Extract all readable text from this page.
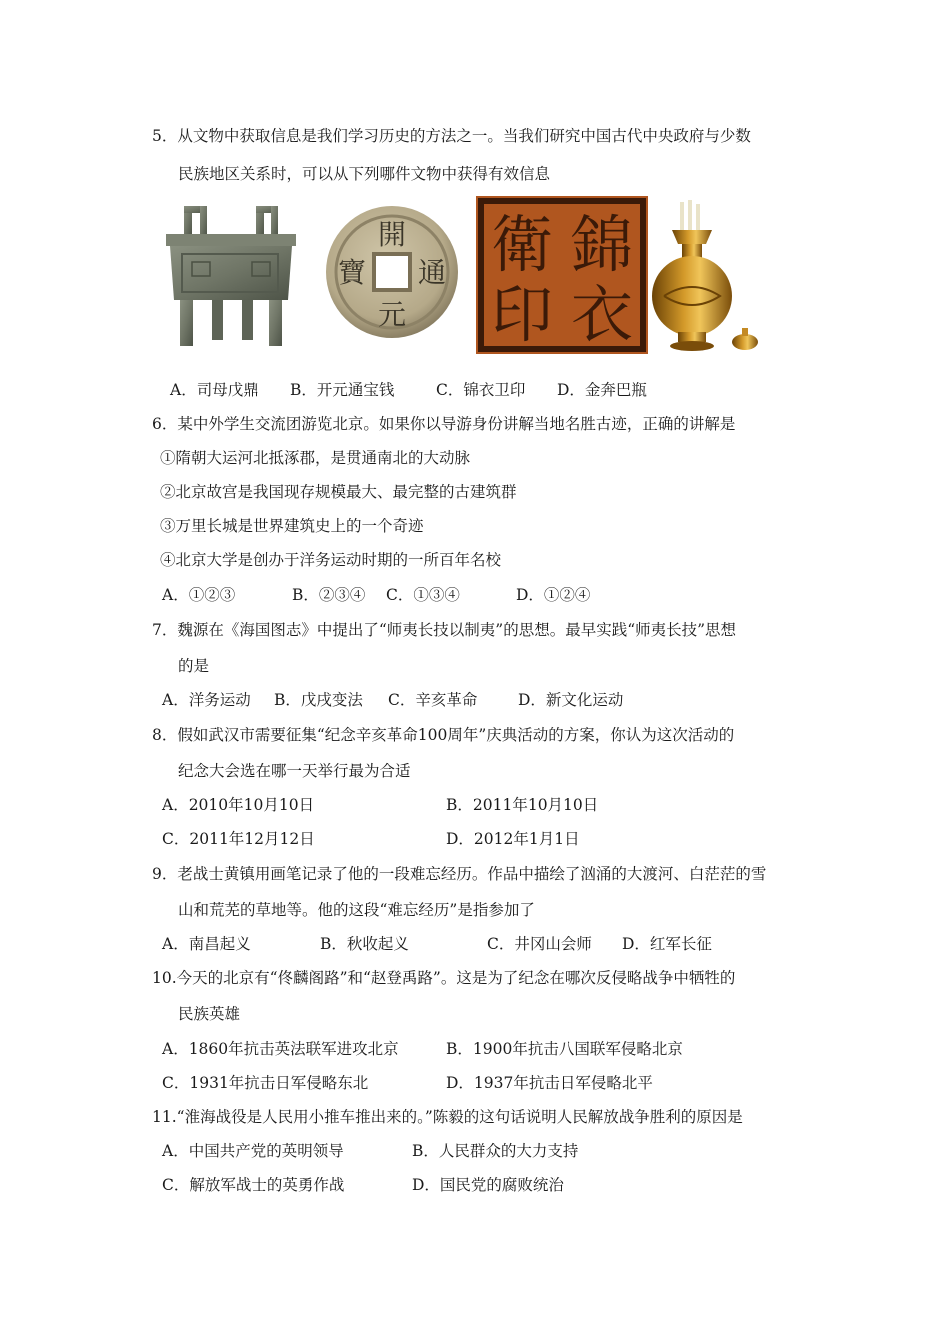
5．从文物中获取信息是我们学习历史的方法之一。当我们研究中国古代中央政府与少数
民族地区关系时，可以从下列哪件文物中获得有效信息
開
元
通
寶	錦
衣
衛
印
A．司母戊鼎 B．开元通宝钱	C．锦衣卫印 D．金奔巴瓶
6．某中外学生交流团游览北京。如果你以导游身份讲解当地名胜古迹，正确的讲解是
①隋朝大运河北抵涿郡，是贯通南北的大动脉
②北京故宫是我国现存规模最大、最完整的古建筑群
③万里长城是世界建筑史上的一个奇迹
④北京大学是创办于洋务运动时期的一所百年名校
A．①②③	B．②③④ C．①③④	D．①②④
7．魏源在《海国图志》中提出了“师夷长技以制夷”的思想。最早实践“师夷长技”思想
的是
A．洋务运动 B．戊戌变法 C．辛亥革命	D．新文化运动
8．假如武汉市需要征集“纪念辛亥革命100周年”庆典活动的方案，你认为这次活动的
纪念大会选在哪一天举行最为合适
A．2010年10月10日	B．2011年10月10日
C．2011年12月12日	D．2012年1月1日
9．老战士黄镇用画笔记录了他的一段难忘经历。作品中描绘了汹涌的大渡河、白茫茫的雪
山和荒芜的草地等。他的这段“难忘经历”是指参加了
A．南昌起义	B．秋收起义	C．井冈山会师 D．红军长征
10.今天的北京有“佟麟阁路”和“赵登禹路”。这是为了纪念在哪次反侵略战争中牺牲的
民族英雄
A．1860年抗击英法联军进攻北京	B．1900年抗击八国联军侵略北京
C．1931年抗击日军侵略东北	D．1937年抗击日军侵略北平
11.“淮海战役是人民用小推车推出来的。”陈毅的这句话说明人民解放战争胜利的原因是
A．中国共产党的英明领导	B．人民群众的大力支持
C．解放军战士的英勇作战	D．国民党的腐败统治
